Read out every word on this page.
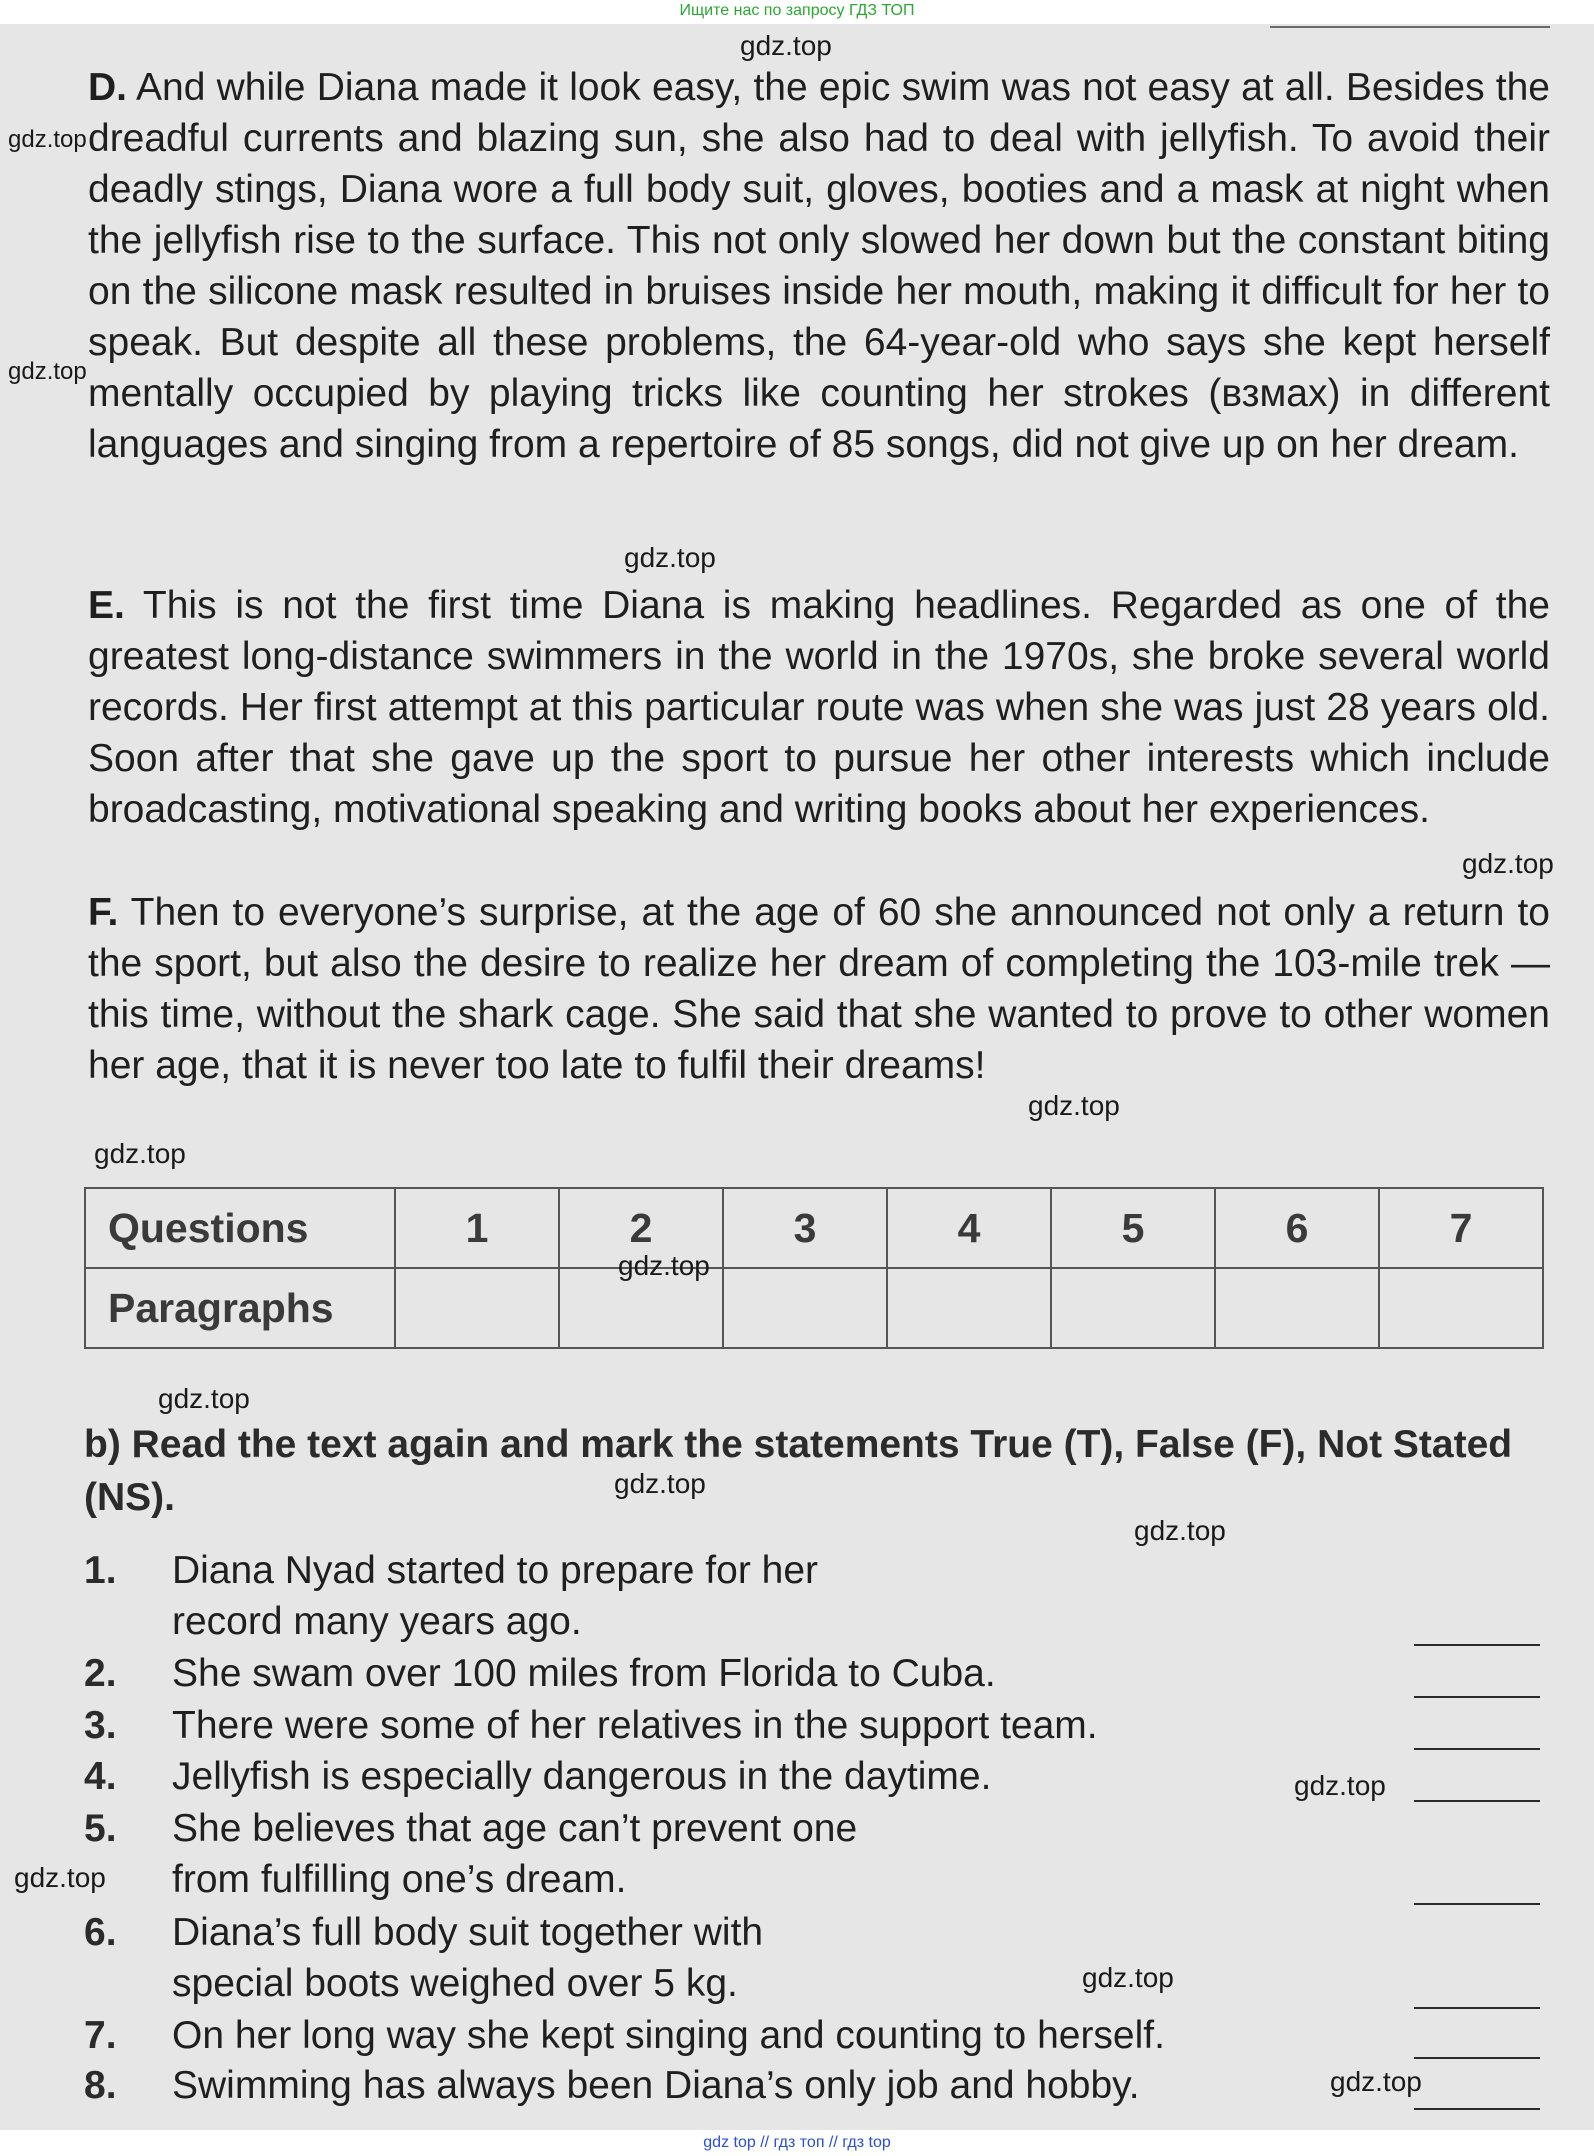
Ищите нас по запросу ГДЗ ТОП

D. And while Diana made it look easy, the epic swim was not easy at all. Besides the dreadful currents and blazing sun, she also had to deal with jellyfish. To avoid their deadly stings, Diana wore a full body suit, gloves, booties and a mask at night when the jellyfish rise to the surface. This not only slowed her down but the constant biting on the silicone mask resulted in bruises inside her mouth, making it difficult for her to speak. But despite all these problems, the 64-year-old who says she kept herself mentally occupied by playing tricks like counting her strokes (взмах) in different languages and singing from a repertoire of 85 songs, did not give up on her dream.

E. This is not the first time Diana is making headlines. Regarded as one of the greatest long-distance swimmers in the world in the 1970s, she broke several world records. Her first attempt at this particular route was when she was just 28 years old. Soon after that she gave up the sport to pursue her other interests which include broadcasting, motivational speaking and writing books about her experiences.

F. Then to everyone’s surprise, at the age of 60 she announced not only a return to the sport, but also the desire to realize her dream of completing the 103-mile trek — this time, without the shark cage. She said that she wanted to prove to other women her age, that it is never too late to fulfil their dreams!

Questions	1	2	3	4	5	6	7
Paragraphs							
b) Read the text again and mark the statements True (T), False (F), Not Stated (NS).
1. Diana Nyad started to prepare for her record many years ago.
2. She swam over 100 miles from Florida to Cuba.
3. There were some of her relatives in the support team.
4. Jellyfish is especially dangerous in the daytime.
5. She believes that age can’t prevent one from fulfilling one’s dream.
6. Diana’s full body suit together with special boots weighed over 5 kg.
7. On her long way she kept singing and counting to herself.
8. Swimming has always been Diana’s only job and hobby.
gdz.top
gdz.top
gdz.top
gdz.top
gdz.top
gdz.top
gdz.top
gdz.top
gdz.top
gdz.top
gdz.top
gdz.top
gdz.top
gdz.top
gdz.top
gdz top // гдз топ // гдз top
